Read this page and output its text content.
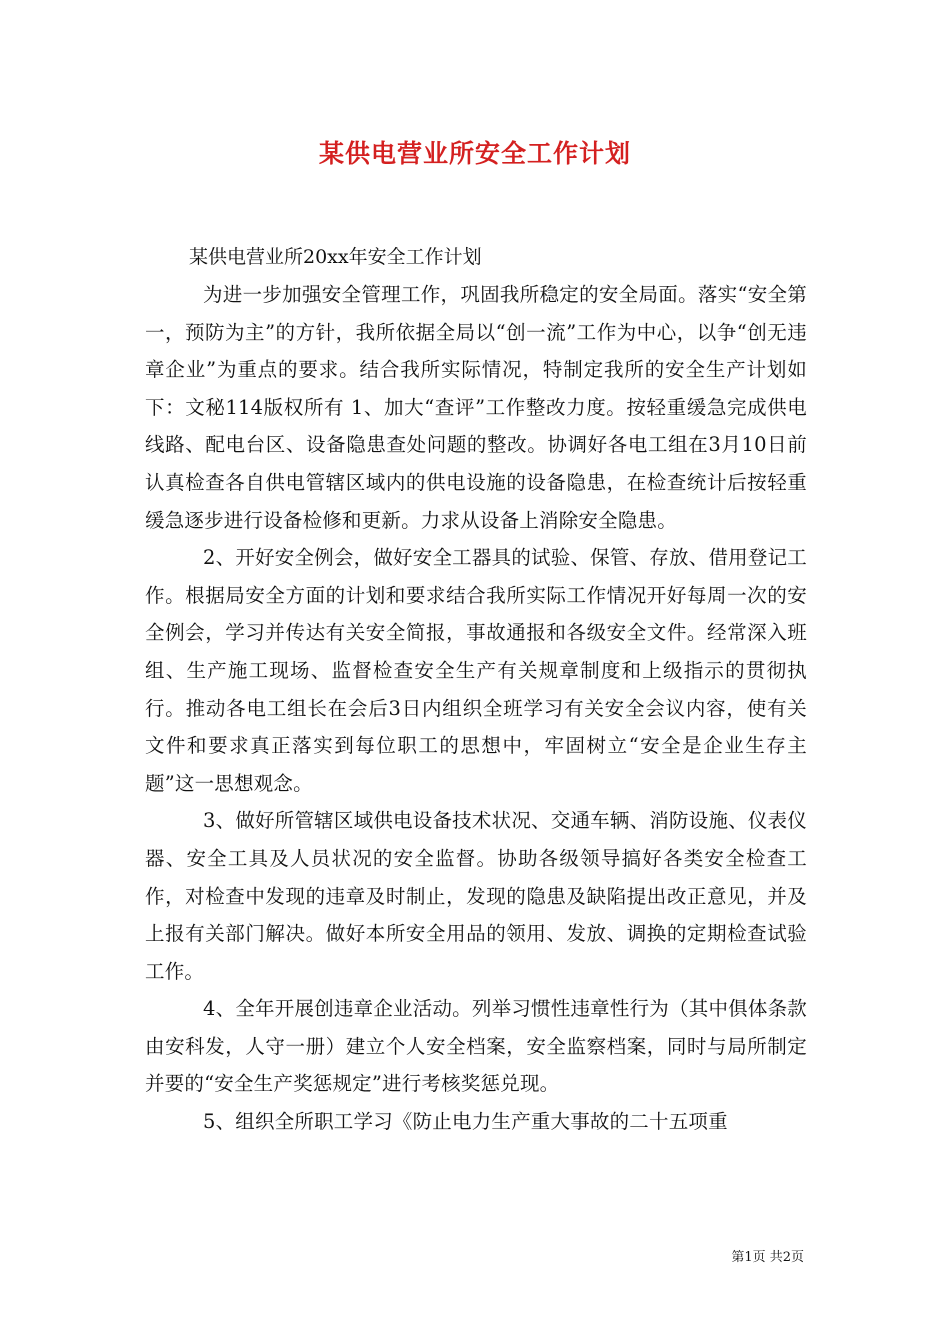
某供电营业所安全工作计划

某供电营业所20xx年安全工作计划

为进一步加强安全管理工作，巩固我所稳定的安全局面。落实“安全第一，预防为主”的方针，我所依据全局以“创一流”工作为中心，以争“创无违章企业”为重点的要求。结合我所实际情况，特制定我所的安全生产计划如下：文秘114版权所有 1、加大“查评”工作整改力度。按轻重缓急完成供电线路、配电台区、设备隐患查处问题的整改。协调好各电工组在3月10日前认真检查各自供电管辖区域内的供电设施的设备隐患，在检查统计后按轻重缓急逐步进行设备检修和更新。力求从设备上消除安全隐患。

2、开好安全例会，做好安全工器具的试验、保管、存放、借用登记工作。根据局安全方面的计划和要求结合我所实际工作情况开好每周一次的安全例会，学习并传达有关安全简报，事故通报和各级安全文件。经常深入班组、生产施工现场、监督检查安全生产有关规章制度和上级指示的贯彻执行。推动各电工组长在会后3日内组织全班学习有关安全会议内容，使有关文件和要求真正落实到每位职工的思想中，牢固树立“安全是企业生存主题”这一思想观念。

3、做好所管辖区域供电设备技术状况、交通车辆、消防设施、仪表仪器、安全工具及人员状况的安全监督。协助各级领导搞好各类安全检查工作，对检查中发现的违章及时制止，发现的隐患及缺陷提出改正意见，并及上报有关部门解决。做好本所安全用品的领用、发放、调换的定期检查试验工作。

4、全年开展创违章企业活动。列举习惯性违章性行为（其中俱体条款由安科发，人守一册）建立个人安全档案，安全监察档案，同时与局所制定并要的“安全生产奖惩规定”进行考核奖惩兑现。

5、组织全所职工学习《防止电力生产重大事故的二十五项重

第1页 共2页
